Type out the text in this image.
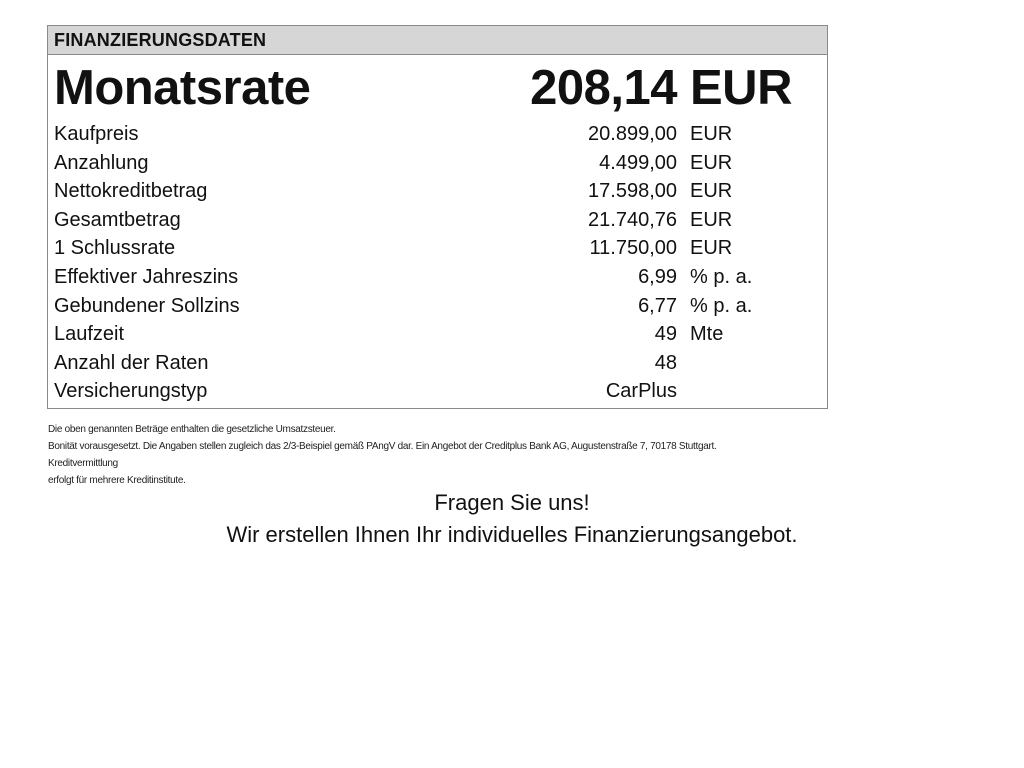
FINANZIERUNGSDATEN
Monatsrate	208,14 EUR
Kaufpreis	20.899,00 EUR
Anzahlung	4.499,00 EUR
Nettokreditbetrag	17.598,00 EUR
Gesamtbetrag	21.740,76 EUR
1 Schlussrate	11.750,00 EUR
Effektiver Jahreszins	6,99 % p. a.
Gebundener Sollzins	6,77 % p. a.
Laufzeit	49 Mte
Anzahl der Raten	48
Versicherungstyp	CarPlus
Die oben genannten Beträge enthalten die gesetzliche Umsatzsteuer.
Bonität vorausgesetzt. Die Angaben stellen zugleich das 2/3-Beispiel gemäß PAngV dar. Ein Angebot der Creditplus Bank AG, Augustenstraße 7, 70178 Stuttgart.
Kreditvermittlung
erfolgt für mehrere Kreditinstitute.
Fragen Sie uns!
Wir erstellen Ihnen Ihr individuelles Finanzierungsangebot.
